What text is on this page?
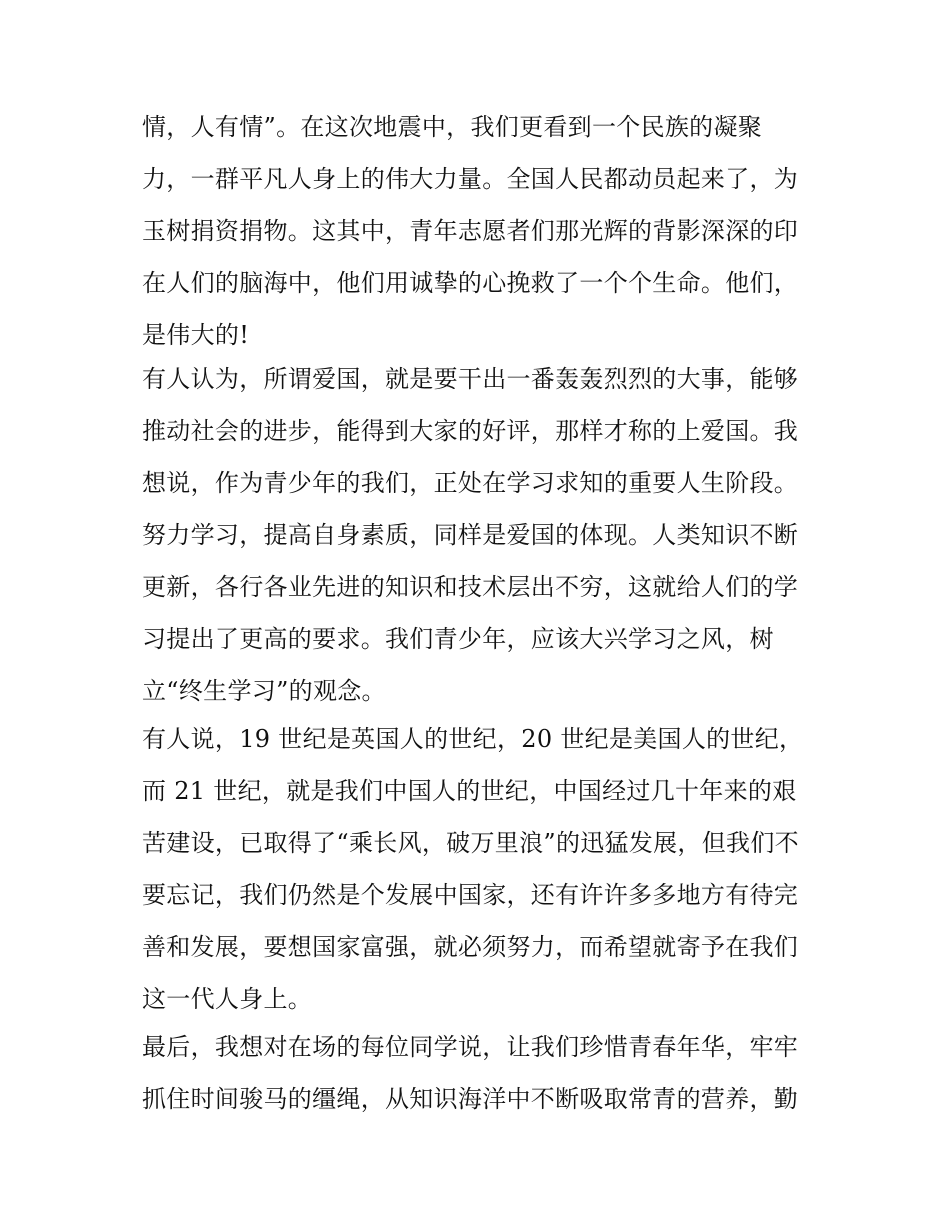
情，人有情”。在这次地震中，我们更看到一个民族的凝聚
力，一群平凡人身上的伟大力量。全国人民都动员起来了，为
玉树捐资捐物。这其中，青年志愿者们那光辉的背影深深的印
在人们的脑海中，他们用诚挚的心挽救了一个个生命。他们，
是伟大的!
有人认为，所谓爱国，就是要干出一番轰轰烈烈的大事，能够
推动社会的进步，能得到大家的好评，那样才称的上爱国。我
想说，作为青少年的我们，正处在学习求知的重要人生阶段。
努力学习，提高自身素质，同样是爱国的体现。人类知识不断
更新，各行各业先进的知识和技术层出不穷，这就给人们的学
习提出了更高的要求。我们青少年，应该大兴学习之风，树
立“终生学习”的观念。
有人说，19 世纪是英国人的世纪，20 世纪是美国人的世纪，
而 21 世纪，就是我们中国人的世纪，中国经过几十年来的艰
苦建设，已取得了“乘长风，破万里浪”的迅猛发展，但我们不
要忘记，我们仍然是个发展中国家，还有许许多多地方有待完
善和发展，要想国家富强，就必须努力，而希望就寄予在我们
这一代人身上。
最后，我想对在场的每位同学说，让我们珍惜青春年华，牢牢
抓住时间骏马的缰绳，从知识海洋中不断吸取常青的营养，勤
